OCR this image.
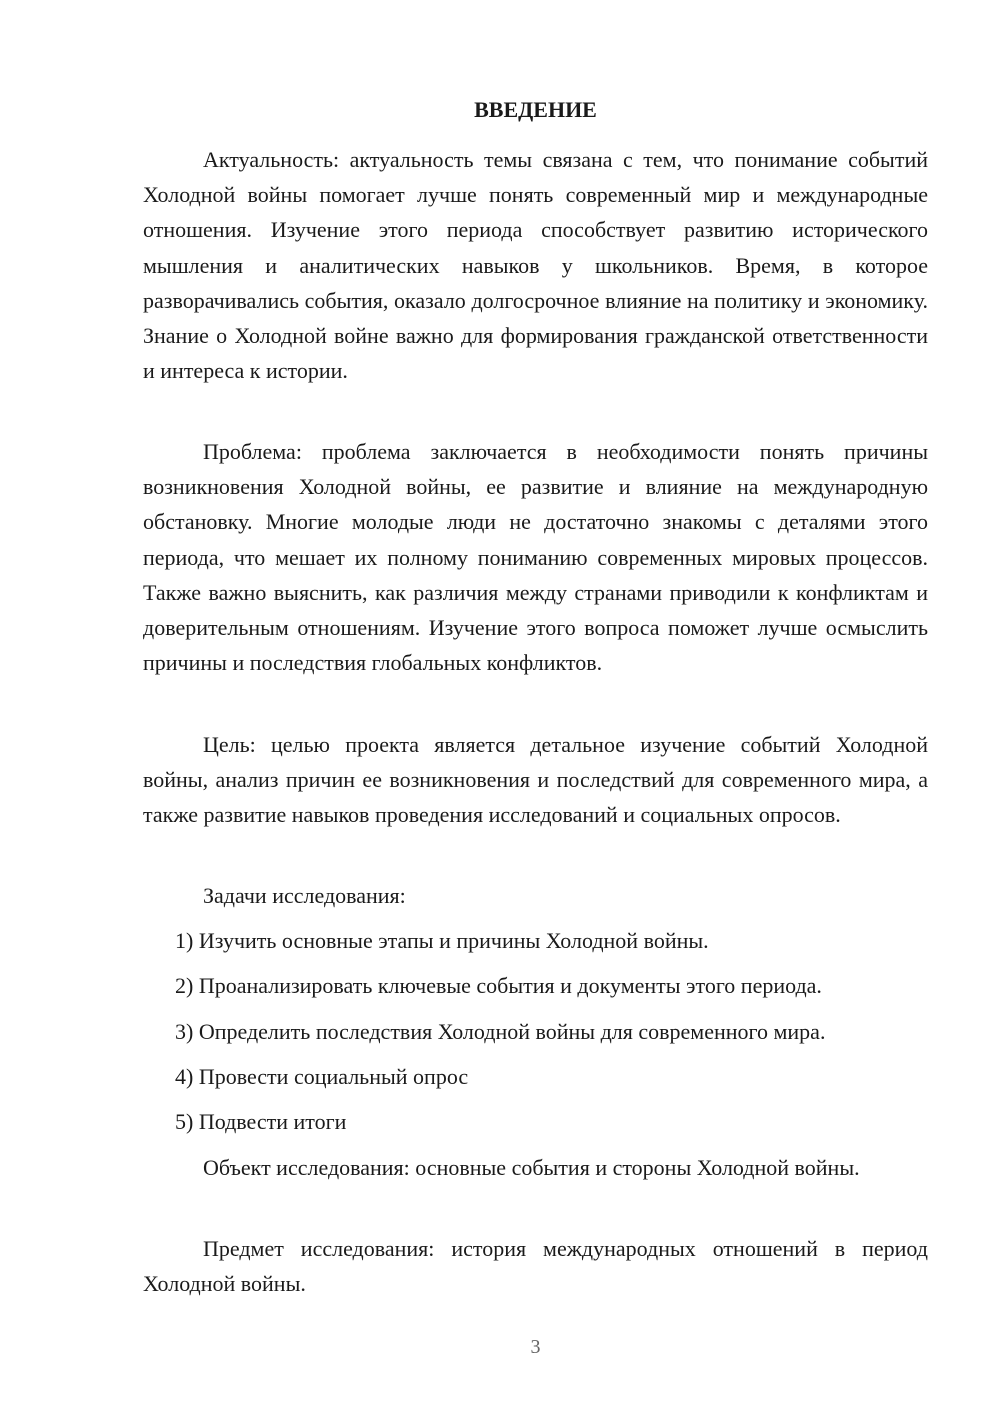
ВВЕДЕНИЕ

Актуальность: актуальность темы связана с тем, что понимание событий Холодной войны помогает лучше понять современный мир и международные отношения. Изучение этого периода способствует развитию исторического мышления и аналитических навыков у школьников. Время, в которое разворачивались события, оказало долгосрочное влияние на политику и экономику. Знание о Холодной войне важно для формирования гражданской ответственности и интереса к истории.

Проблема: проблема заключается в необходимости понять причины возникновения Холодной войны, ее развитие и влияние на международную обстановку. Многие молодые люди не достаточно знакомы с деталями этого периода, что мешает их полному пониманию современных мировых процессов. Также важно выяснить, как различия между странами приводили к конфликтам и доверительным отношениям. Изучение этого вопроса поможет лучше осмыслить причины и последствия глобальных конфликтов.

Цель: целью проекта является детальное изучение событий Холодной войны, анализ причин ее возникновения и последствий для современного мира, а также развитие навыков проведения исследований и социальных опросов.

Задачи исследования:

1) Изучить основные этапы и причины Холодной войны.

2) Проанализировать ключевые события и документы этого периода.

3) Определить последствия Холодной войны для современного мира.

4) Провести социальный опрос

5) Подвести итоги

Объект исследования: основные события и стороны Холодной войны.

Предмет исследования: история международных отношений в период Холодной войны.

3
